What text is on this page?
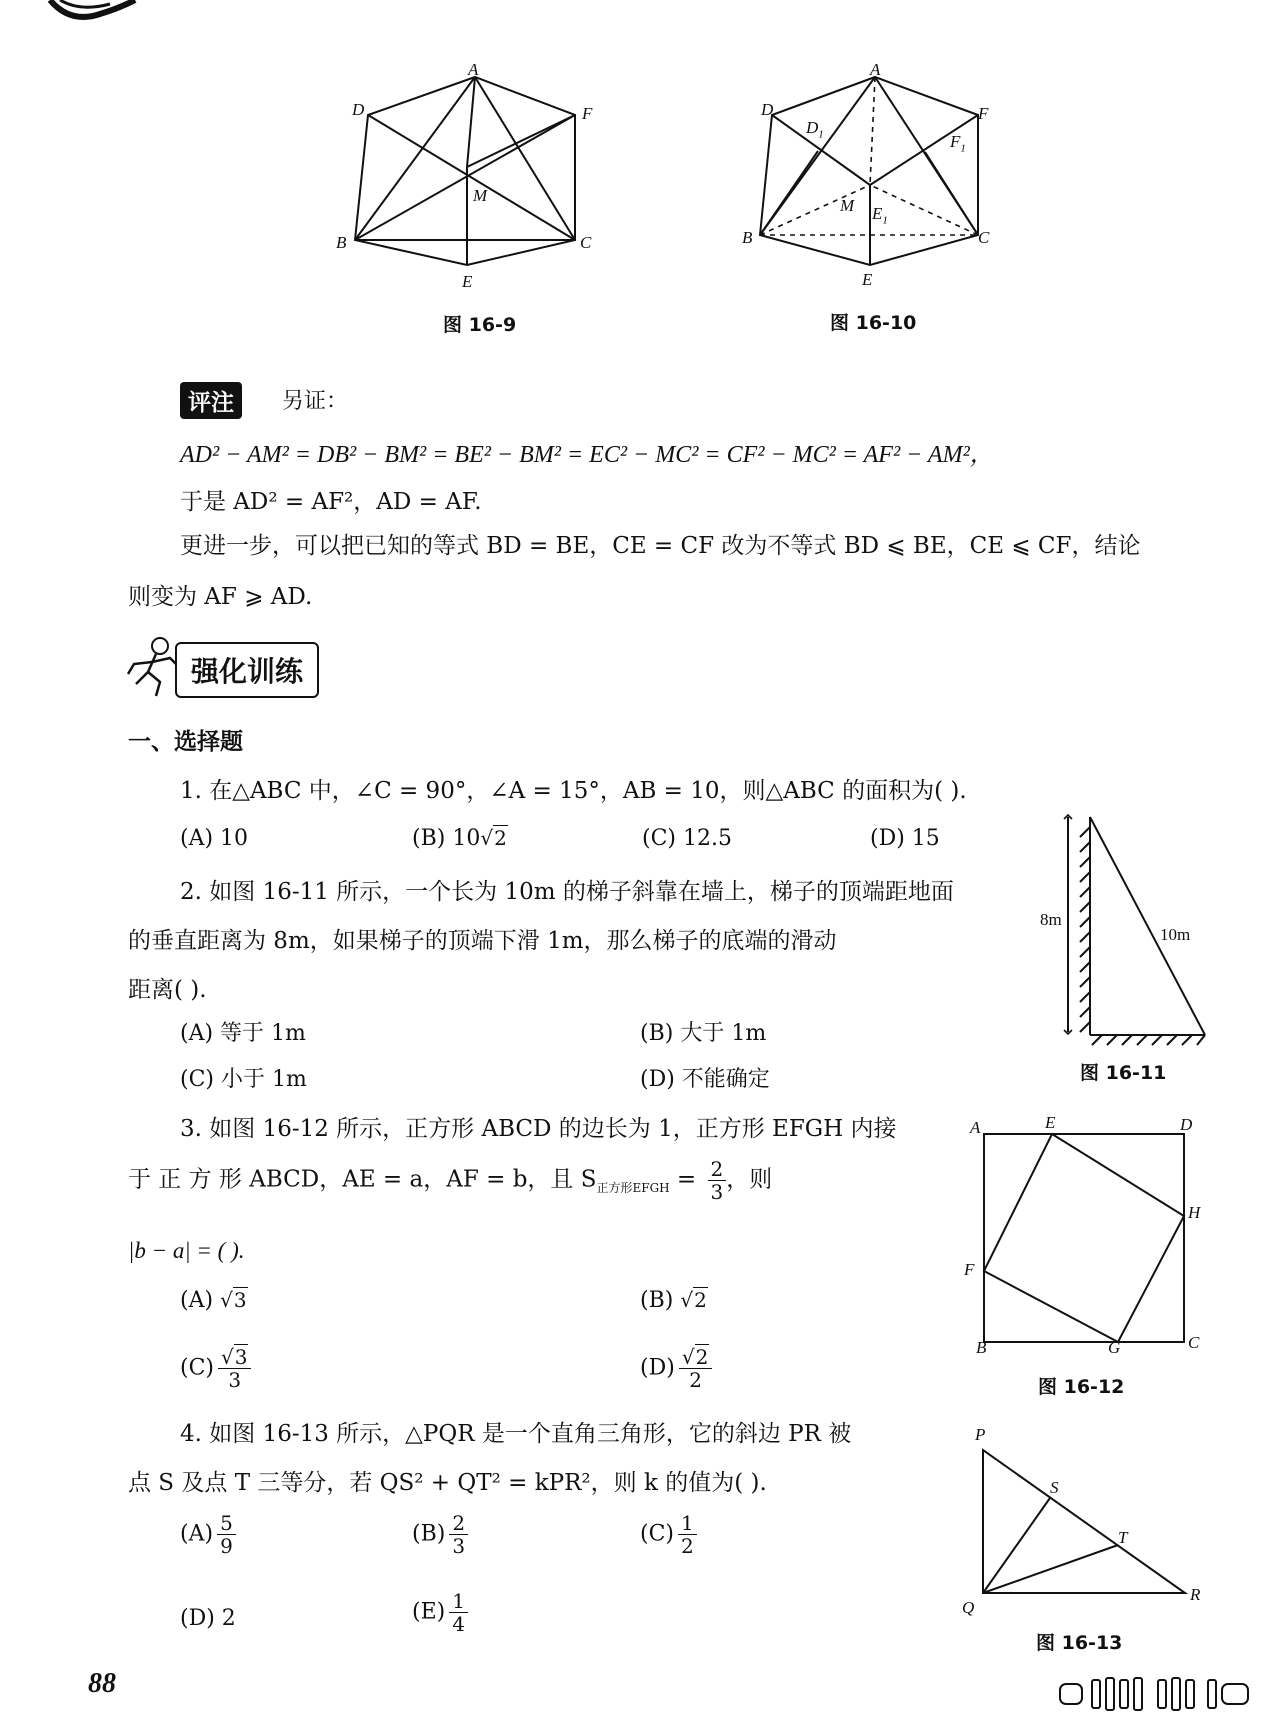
A
D	F
M
B	C
E
图 16-9
A
D
$D_1$
F
$F_1$
M $E_1$
B	C
E
图 16-10
评注	另证：
AD² − AM² = DB² − BM² = BE² − BM² = EC² − MC² = CF² − MC² = AF² − AM²，
于是 AD² = AF²，AD = AF.
更进一步，可以把已知的等式 BD = BE，CE = CF 改为不等式 BD ⩽ BE，CE ⩽ CF，结论
则变为 AF ⩾ AD.
强化训练
一、选择题
1. 在△ABC 中，∠C = 90°，∠A = 15°，AB = 10，则△ABC 的面积为( ).
(A) 10	(B) 10√2	(C) 12.5	(D) 15
2. 如图 16-11 所示，一个长为 10m 的梯子斜靠在墙上，梯子的顶端距地面
的垂直距离为 8m，如果梯子的顶端下滑 1m，那么梯子的底端的滑动
距离( ).
(A) 等于 1m	(B) 大于 1m
(C) 小于 1m	(D) 不能确定
8m
10m
图 16-11
3. 如图 16-12 所示，正方形 ABCD 的边长为 1，正方形 EFGH 内接
于 正 方 形 ABCD，AE = a，AF = b，且 $S_{正方形EFGH} = \frac{2}{3}$ ，则
|b − a| = ( ).
(A) √3	(B) √2
$(C) \frac{√3}{3}$	$(D) \frac{√2}{2}$
A	E	D
H
F
B	G	C
图 16-12
4. 如图 16-13 所示，△PQR 是一个直角三角形，它的斜边 PR 被
点 S 及点 T 三等分，若 QS² + QT² = kPR²，则 k 的值为( ).
$(A) \frac{5}{9}$	$(B) \frac{2}{3}$	$(C) \frac{1}{2}$
(D) 2	$(E) \frac{1}{4}$
P
S
T
Q
R
图 16-13
88
